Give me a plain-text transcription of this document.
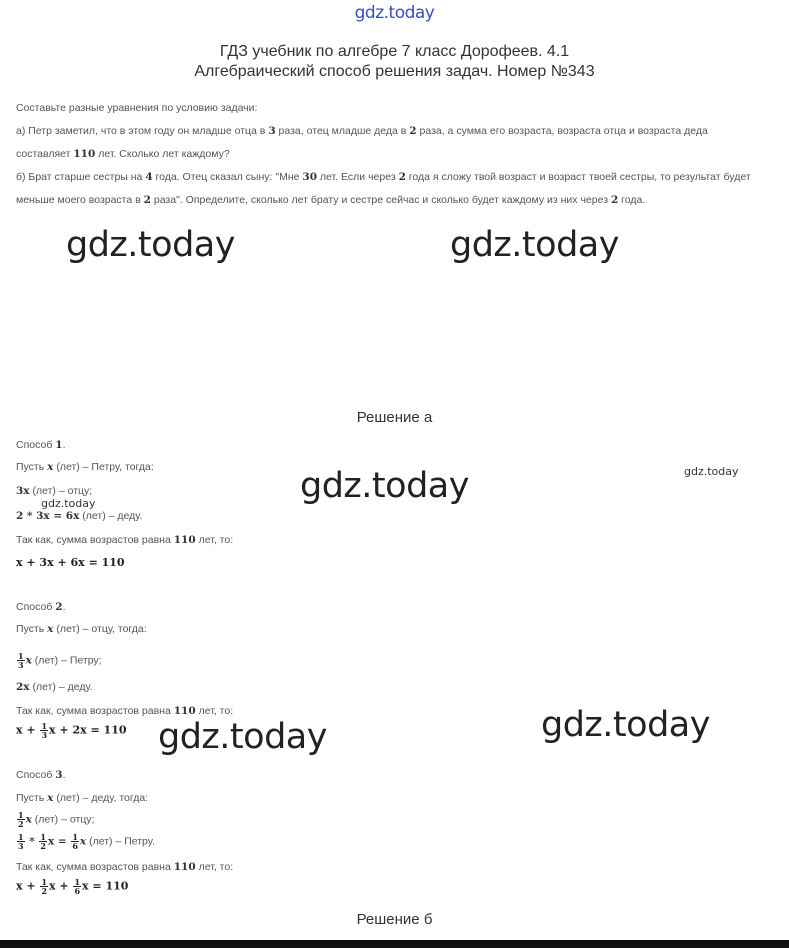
gdz.today
ГДЗ учебник по алгебре 7 класс Дорофеев. 4.1
Алгебраический способ решения задач. Номер №343
Составьте разные уравнения по условию задачи:
а) Петр заметил, что в этом году он младше отца в 3 раза, отец младше деда в 2 раза, а сумма его возраста, возраста отца и возраста деда
составляет 110 лет. Сколько лет каждому?
б) Брат старше сестры на 4 года. Отец сказал сыну: "Мне 30 лет. Если через 2 года я сложу твой возраст и возраст твоей сестры, то результат будет
меньше моего возраста в 2 раза". Определите, сколько лет брату и сестре сейчас и сколько будет каждому из них через 2 года.
gdz.today	gdz.today
gdz.today	gdz.today
gdz.today
gdz.today	gdz.today
Решение а
Способ 1.
Пусть x (лет) – Петру, тогда:
3x (лет) – отцу;
2 * 3x = 6x (лет) – деду.
Так как, сумма возрастов равна 110 лет, то:
x + 3x + 6x = 110
Способ 2.
Пусть x (лет) – отцу, тогда:
$\frac{1}{3}$ x (лет) – Петру;
2x (лет) – деду.
Так как, сумма возрастов равна 110 лет, то:
$x + \frac{1}{3}$ x + 2x = 110
Способ 3.
Пусть x (лет) – деду, тогда:
$\frac{1}{2}$ x (лет) – отцу;
$\frac{1}{3} * \frac{1}{2}$ $x = \frac{1}{6}$ x (лет) – Петру.
Так как, сумма возрастов равна 110 лет, то:
$x + \frac{1}{2}$ $x + \frac{1}{6}$ x = 110
Решение б
